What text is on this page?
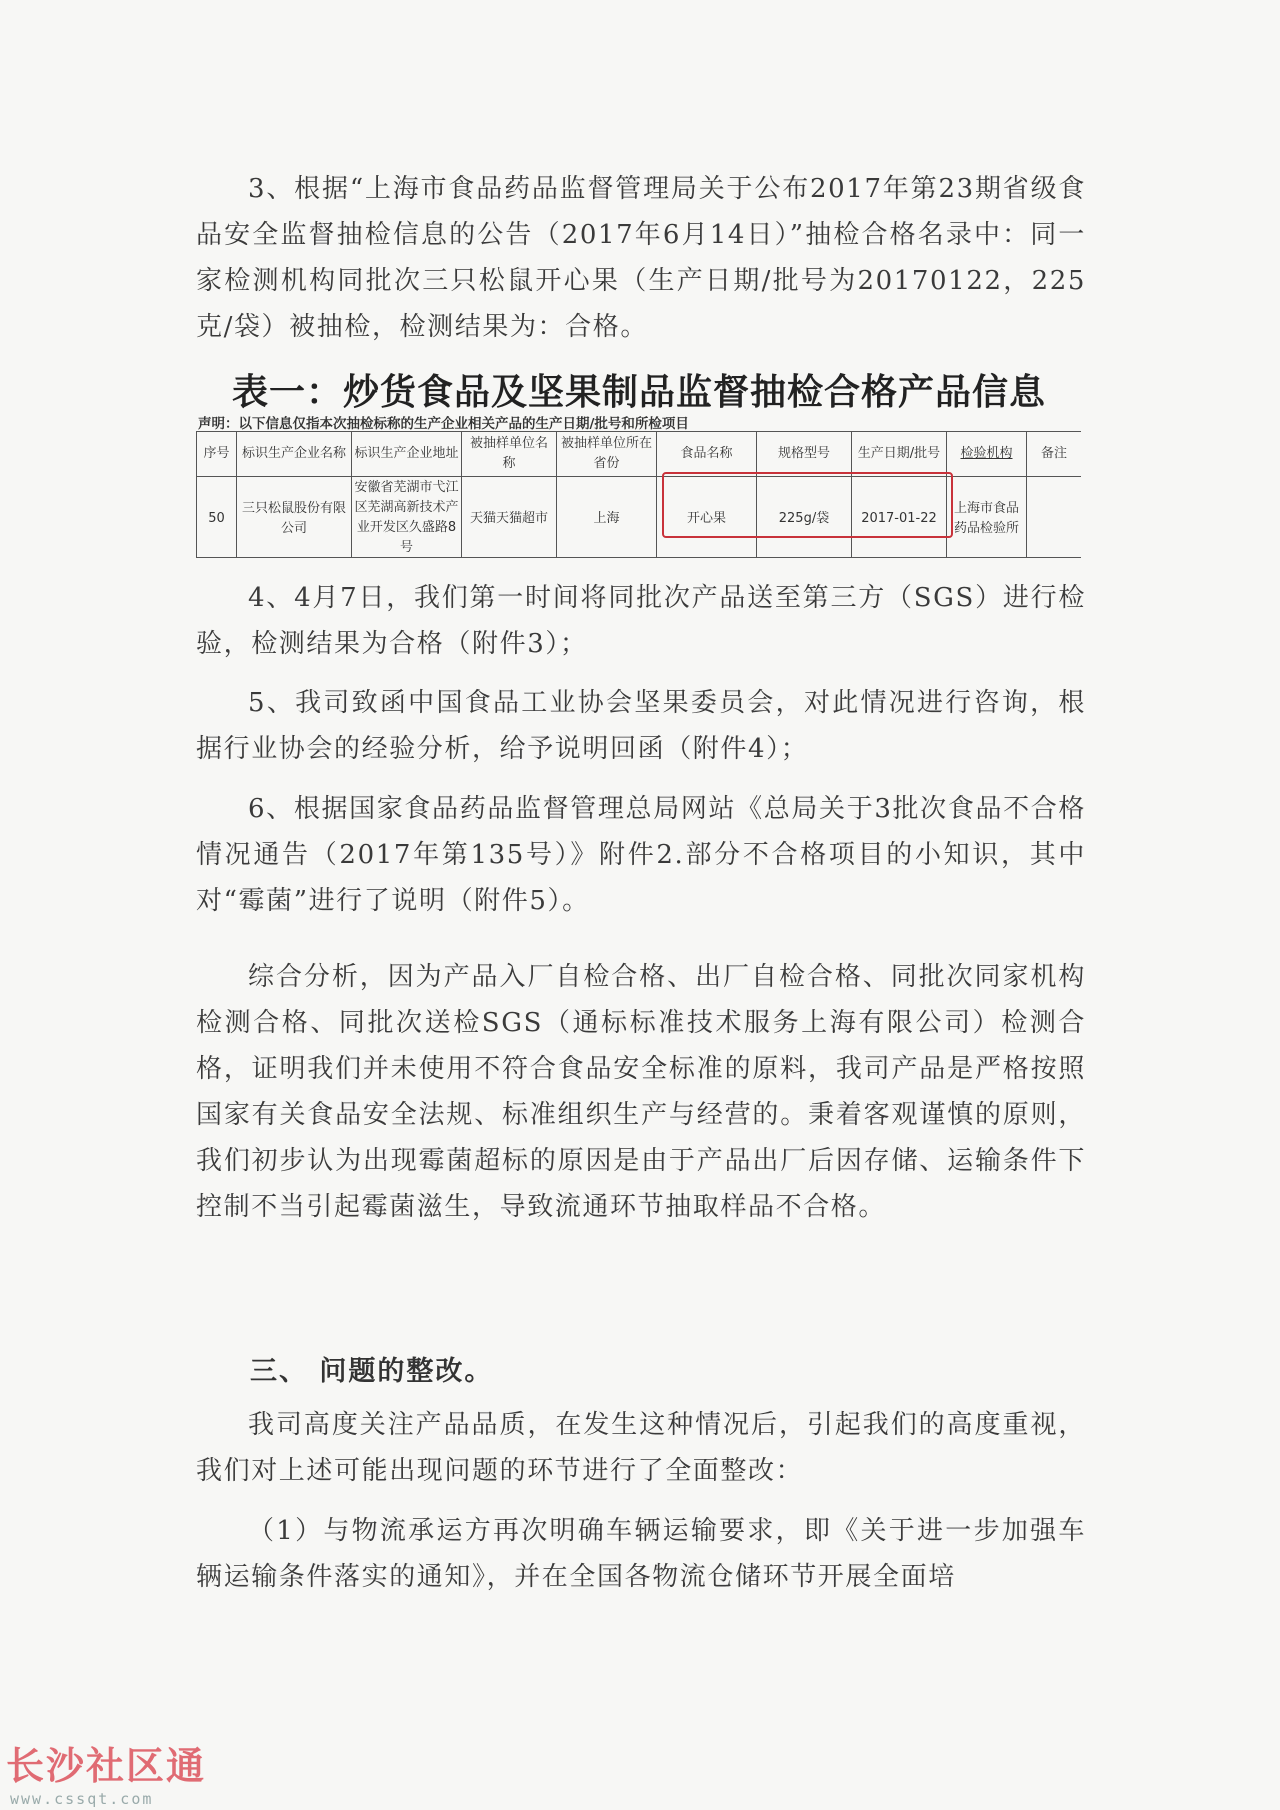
3、根据“上海市食品药品监督管理局关于公布2017年第23期省级食品安全监督抽检信息的公告（2017年6月14日）”抽检合格名录中：同一家检测机构同批次三只松鼠开心果（生产日期/批号为20170122，225克/袋）被抽检，检测结果为：合格。

表一：炒货食品及坚果制品监督抽检合格产品信息

声明：以下信息仅指本次抽检标称的生产企业相关产品的生产日期/批号和所检项目

序号	标识生产企业名称	标识生产企业地址	被抽样单位名称	被抽样单位所在省份	食品名称	规格型号	生产日期/批号	检验机构	备注
50	三只松鼠股份有限公司	安徽省芜湖市弋江区芜湖高新技术产业开发区久盛路8号	天猫天猫超市	上海	开心果	225g/袋	2017-01-22	上海市食品药品检验所	

4、4月7日，我们第一时间将同批次产品送至第三方（SGS）进行检验，检测结果为合格（附件3）；

5、我司致函中国食品工业协会坚果委员会，对此情况进行咨询，根据行业协会的经验分析，给予说明回函（附件4）；

6、根据国家食品药品监督管理总局网站《总局关于3批次食品不合格情况通告（2017年第135号）》附件2.部分不合格项目的小知识，其中对“霉菌”进行了说明（附件5）。

综合分析，因为产品入厂自检合格、出厂自检合格、同批次同家机构检测合格、同批次送检SGS（通标标准技术服务上海有限公司）检测合格，证明我们并未使用不符合食品安全标准的原料，我司产品是严格按照国家有关食品安全法规、标准组织生产与经营的。秉着客观谨慎的原则，我们初步认为出现霉菌超标的原因是由于产品出厂后因存储、运输条件下控制不当引起霉菌滋生，导致流通环节抽取样品不合格。

三、 问题的整改。

我司高度关注产品品质，在发生这种情况后，引起我们的高度重视，我们对上述可能出现问题的环节进行了全面整改：

（1）与物流承运方再次明确车辆运输要求，即《关于进一步加强车辆运输条件落实的通知》，并在全国各物流仓储环节开展全面培

长沙社区通
www.cssqt.com
